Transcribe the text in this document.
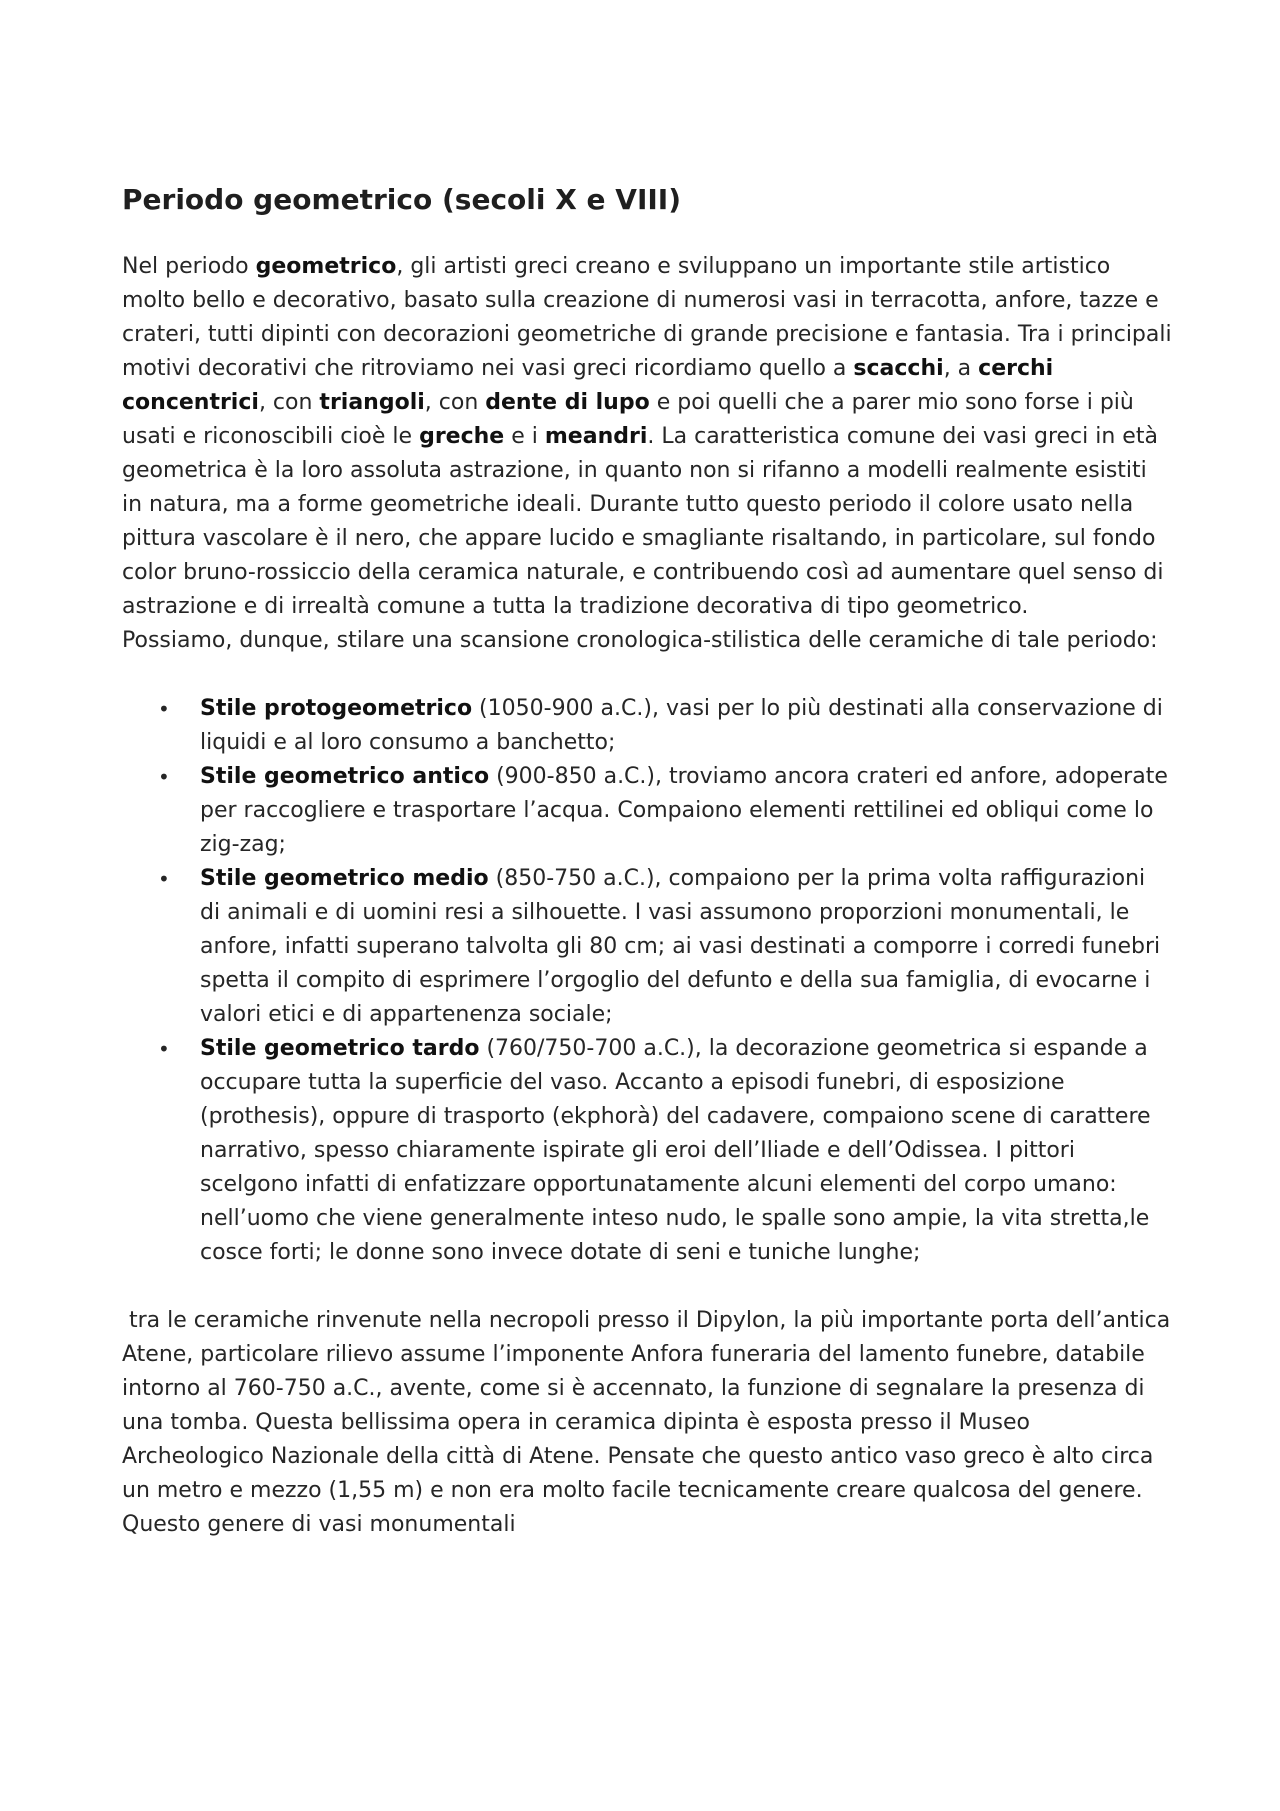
Periodo geometrico (secoli X e VIII)

Nel periodo geometrico, gli artisti greci creano e sviluppano un importante stile artistico molto bello e decorativo, basato sulla creazione di numerosi vasi in terracotta, anfore, tazze e crateri, tutti dipinti con decorazioni geometriche di grande precisione e fantasia. Tra i principali motivi decorativi che ritroviamo nei vasi greci ricordiamo quello a scacchi, a cerchi concentrici, con triangoli, con dente di lupo e poi quelli che a parer mio sono forse i più usati e riconoscibili cioè le greche e i meandri. La caratteristica comune dei vasi greci in età geometrica è la loro assoluta astrazione, in quanto non si rifanno a modelli realmente esistiti in natura, ma a forme geometriche ideali. Durante tutto questo periodo il colore usato nella pittura vascolare è il nero, che appare lucido e smagliante risaltando, in particolare, sul fondo color bruno-rossiccio della ceramica naturale, e contribuendo così ad aumentare quel senso di astrazione e di irrealtà comune a tutta la tradizione decorativa di tipo geometrico.

Possiamo, dunque, stilare una scansione cronologica-stilistica delle ceramiche di tale periodo:

• Stile protogeometrico (1050-900 a.C.), vasi per lo più destinati alla conservazione di liquidi e al loro consumo a banchetto;
• Stile geometrico antico (900-850 a.C.), troviamo ancora crateri ed anfore, adoperate per raccogliere e trasportare l’acqua. Compaiono elementi rettilinei ed obliqui come lo zig-zag;
• Stile geometrico medio (850-750 a.C.), compaiono per la prima volta raffigurazioni di animali e di uomini resi a silhouette. I vasi assumono proporzioni monumentali, le anfore, infatti superano talvolta gli 80 cm; ai vasi destinati a comporre i corredi funebri spetta il compito di esprimere l’orgoglio del defunto e della sua famiglia, di evocarne i valori etici e di appartenenza sociale;
• Stile geometrico tardo (760/750-700 a.C.), la decorazione geometrica si espande a occupare tutta la superficie del vaso. Accanto a episodi funebri, di esposizione (prothesis), oppure di trasporto (ekphorà) del cadavere, compaiono scene di carattere narrativo, spesso chiaramente ispirate gli eroi dell’Iliade e dell’Odissea. I pittori scelgono infatti di enfatizzare opportunatamente alcuni elementi del corpo umano: nell’uomo che viene generalmente inteso nudo, le spalle sono ampie, la vita stretta,le cosce forti; le donne sono invece dotate di seni e tuniche lunghe;

tra le ceramiche rinvenute nella necropoli presso il Dipylon, la più importante porta dell’antica Atene, particolare rilievo assume l’imponente Anfora funeraria del lamento funebre, databile intorno al 760-750 a.C., avente, come si è accennato, la funzione di segnalare la presenza di una tomba. Questa bellissima opera in ceramica dipinta è esposta presso il Museo Archeologico Nazionale della città di Atene. Pensate che questo antico vaso greco è alto circa un metro e mezzo (1,55 m) e non era molto facile tecnicamente creare qualcosa del genere. Questo genere di vasi monumentali
